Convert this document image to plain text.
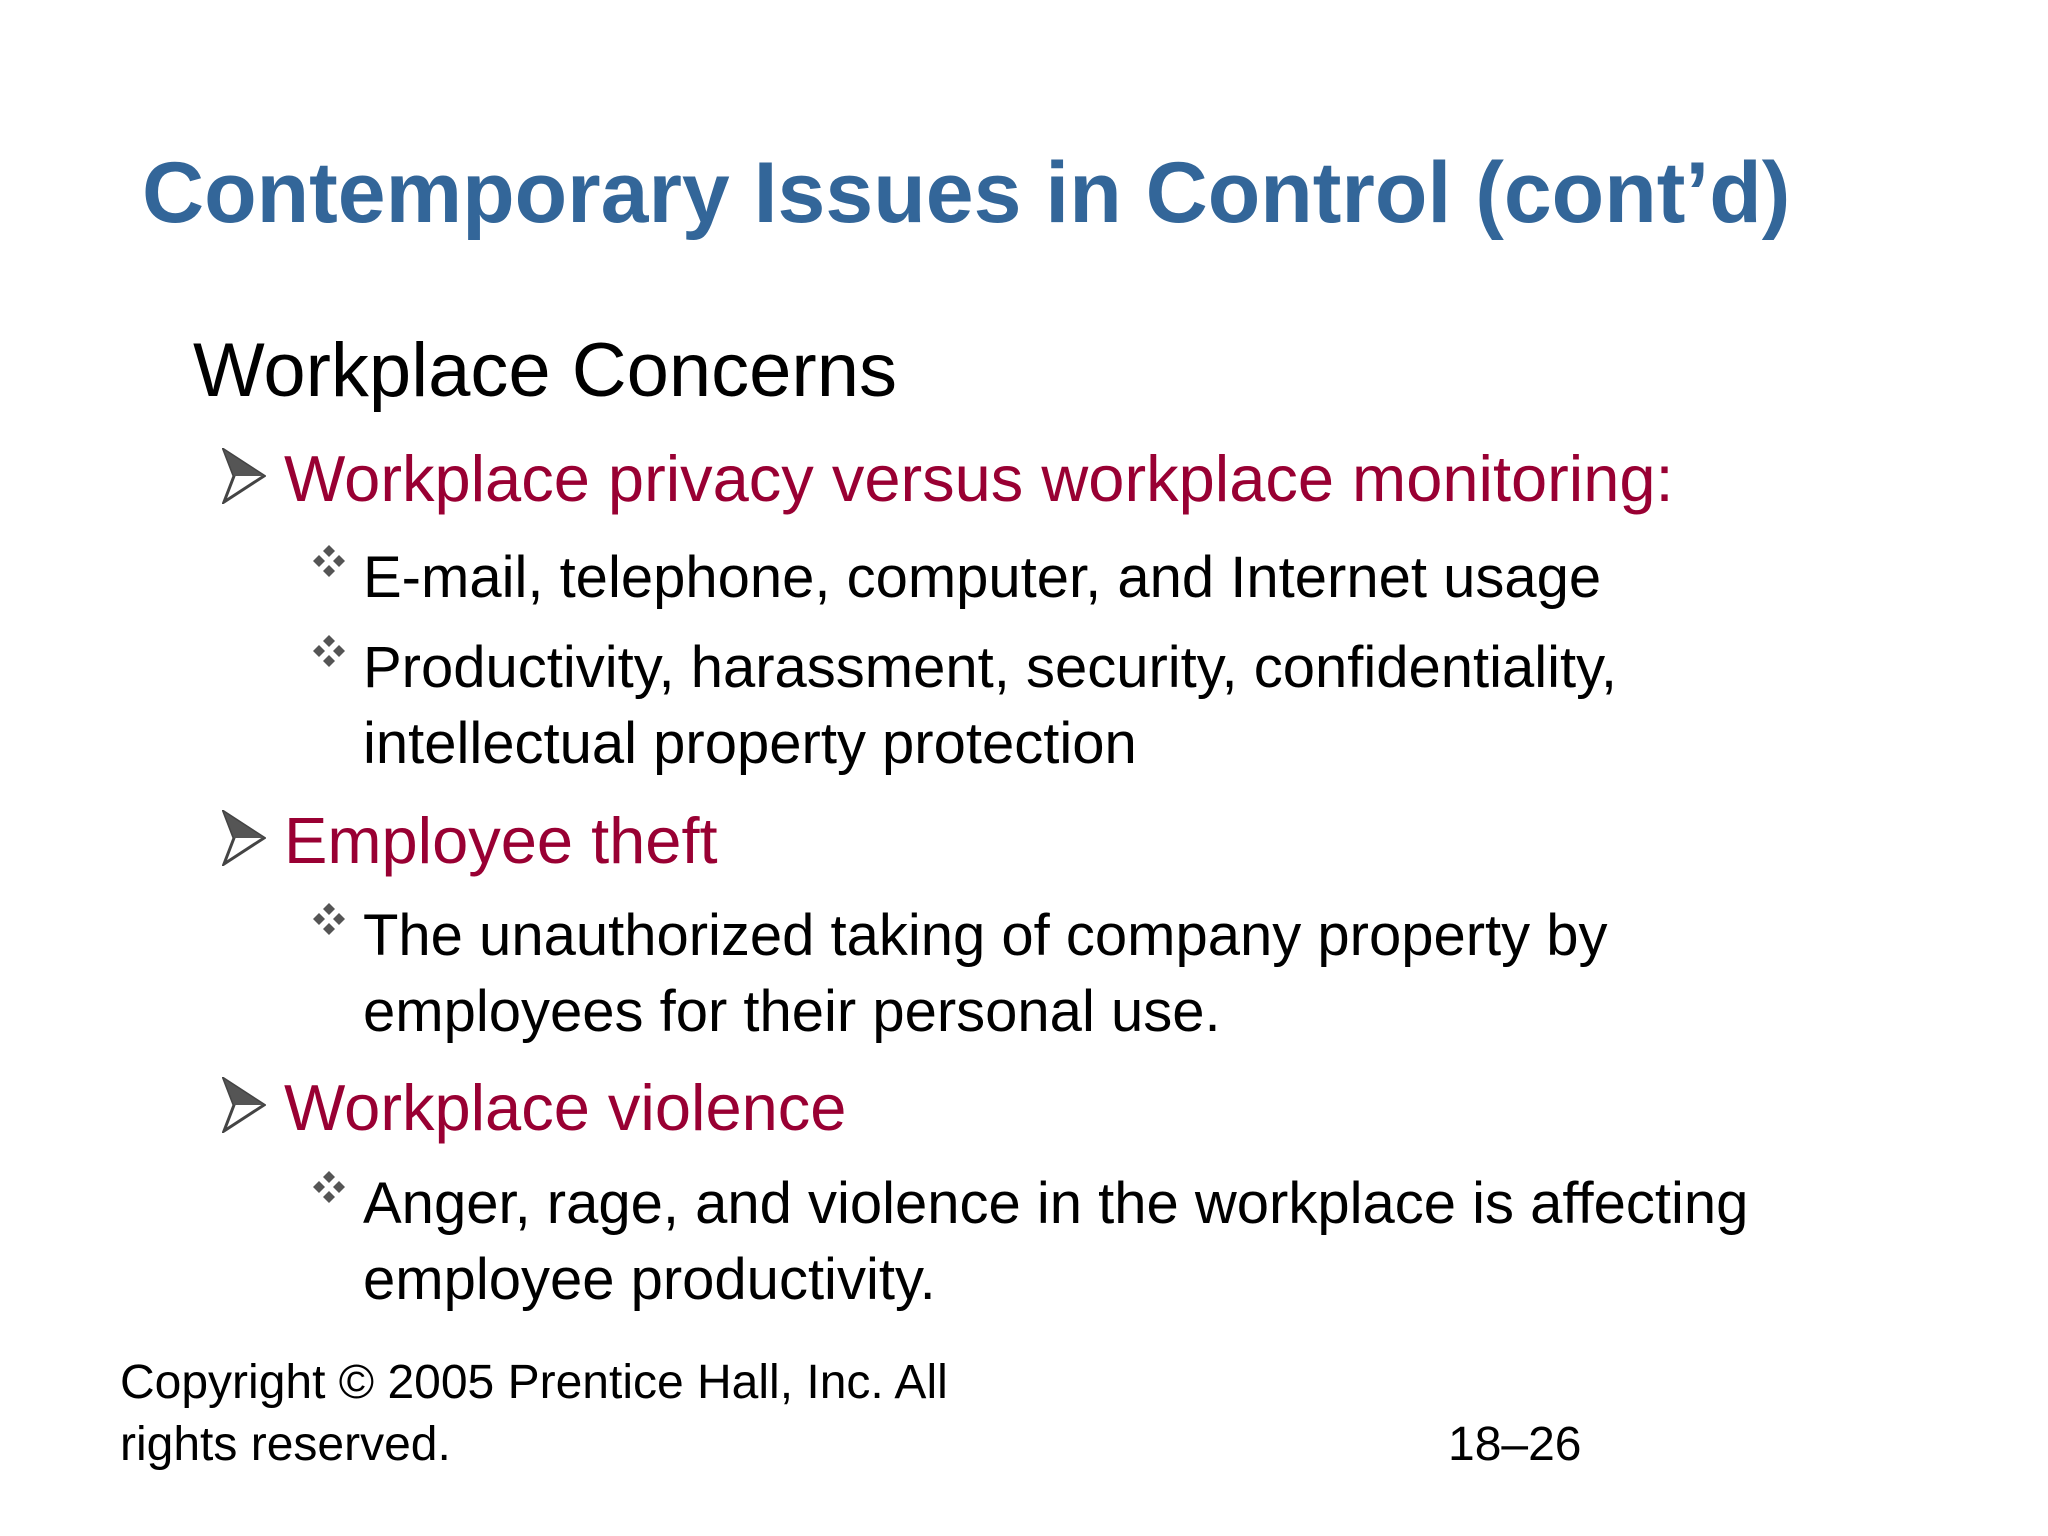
Contemporary Issues in Control (cont’d)
Workplace Concerns
Workplace privacy versus workplace monitoring:
E-mail, telephone, computer, and Internet usage
Productivity, harassment, security, confidentiality, intellectual property protection
Employee theft
The unauthorized taking of company property by employees for their personal use.
Workplace violence
Anger, rage, and violence in the workplace is affecting employee productivity.
Copyright © 2005 Prentice Hall, Inc. All rights reserved.	18–26
